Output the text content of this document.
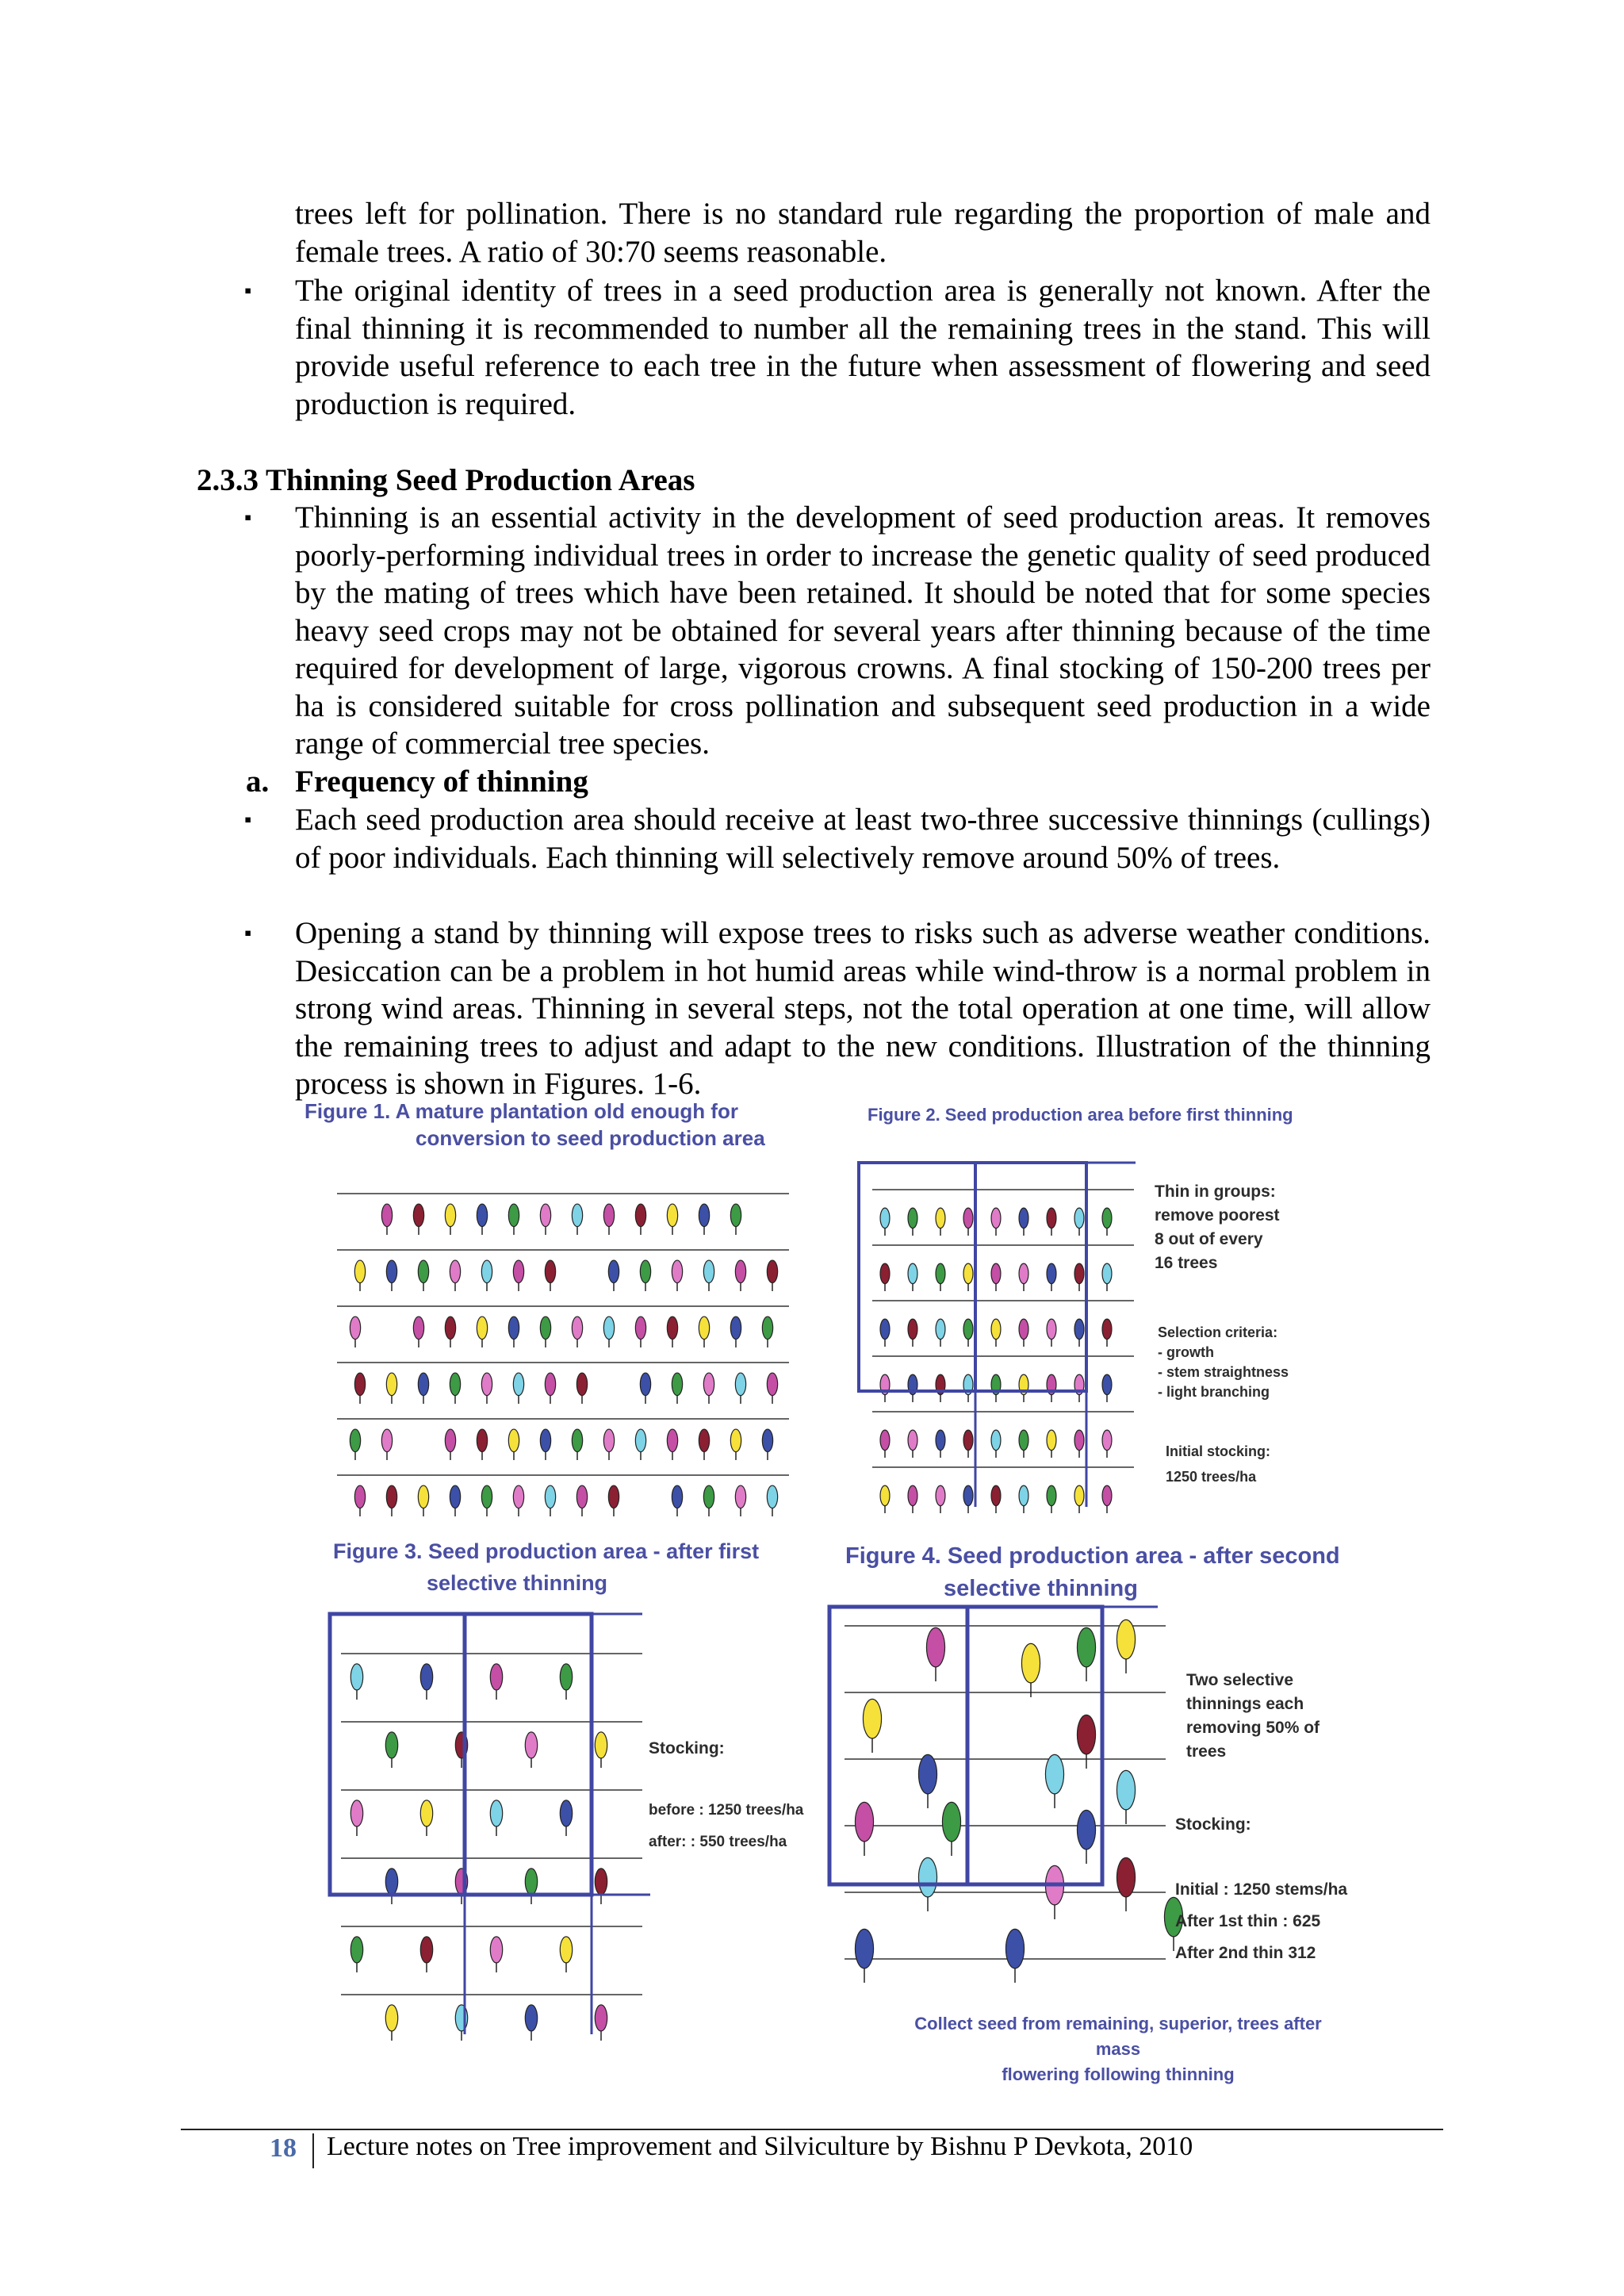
trees left for pollination. There is no standard rule regarding the proportion of male and female trees. A ratio of 30:70 seems reasonable.

▪ The original identity of trees in a seed production area is generally not known. After the final thinning it is recommended to number all the remaining trees in the stand. This will provide useful reference to each tree in the future when assessment of flowering and seed production is required.

2.3.3 Thinning Seed Production Areas
▪ Thinning is an essential activity in the development of seed production areas. It removes poorly-performing individual trees in order to increase the genetic quality of seed produced by the mating of trees which have been retained. It should be noted that for some species heavy seed crops may not be obtained for several years after thinning because of the time required for development of large, vigorous crowns. A final stocking of 150-200 trees per ha is considered suitable for cross pollination and subsequent seed production in a wide range of commercial tree species.

a. Frequency of thinning
▪ Each seed production area should receive at least two-three successive thinnings (cullings) of poor individuals. Each thinning will selectively remove around 50% of trees.

▪ Opening a stand by thinning will expose trees to risks such as adverse weather conditions. Desiccation can be a problem in hot humid areas while wind-throw is a normal problem in strong wind areas. Thinning in several steps, not the total operation at one time, will allow the remaining trees to adjust and adapt to the new conditions. Illustration of the thinning process is shown in Figures. 1-6.

Figure 1. A mature plantation old enough for
conversion to seed production area

Figure 2. Seed production area before first thinning

Thin in groups:
remove poorest
8 out of every
16 trees

Selection criteria:
- growth
- stem straightness
- light branching

Initial stocking:
1250 trees/ha

Figure 3. Seed production area - after first
selective thinning

Stocking:

before : 1250 trees/ha

after: : 550 trees/ha

Figure 4. Seed production area - after second
selective thinning

Two selective
thinnings each
removing 50% of
trees

Stocking:

Initial : 1250 stems/ha

After 1st thin : 625

After 2nd thin 312

Collect seed from remaining, superior, trees after mass
flowering following thinning

18 Lecture notes on Tree improvement and Silviculture by Bishnu P Devkota, 2010
